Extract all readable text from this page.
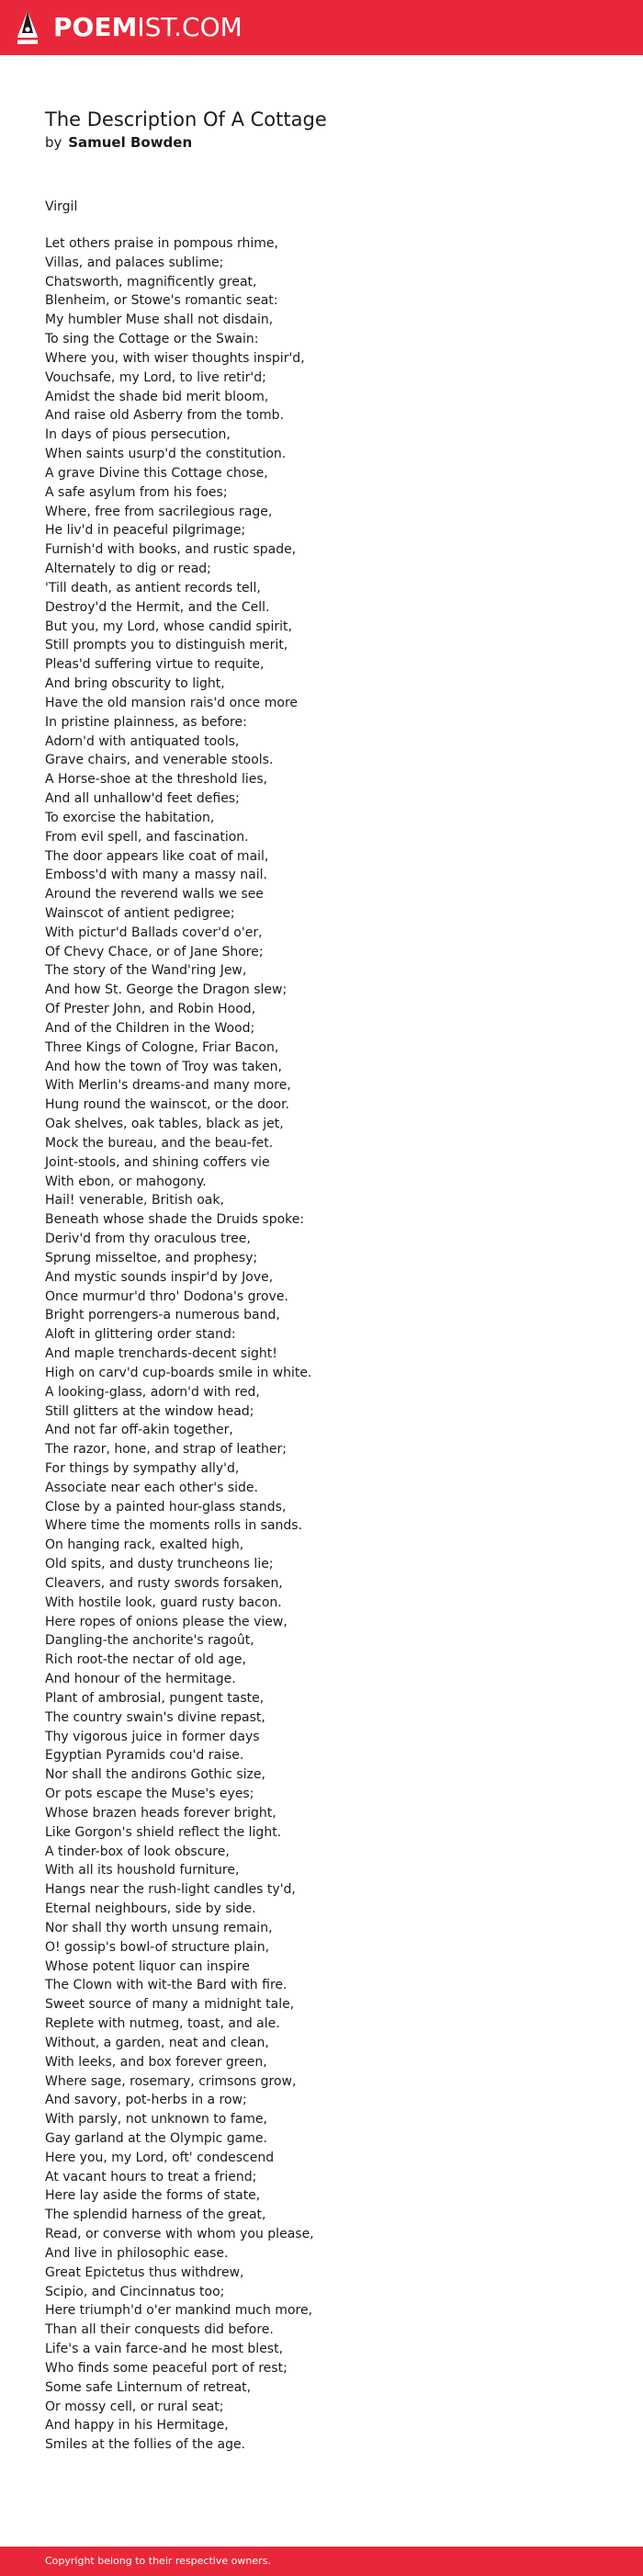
POEMIST.COM
The Description Of A Cottage
by Samuel Bowden
Virgil
Let others praise in pompous rhime,
Villas, and palaces sublime;
Chatsworth, magnificently great,
Blenheim, or Stowe's romantic seat:
My humbler Muse shall not disdain,
To sing the Cottage or the Swain:
Where you, with wiser thoughts inspir'd,
Vouchsafe, my Lord, to live retir'd;
Amidst the shade bid merit bloom,
And raise old Asberry from the tomb.
In days of pious persecution,
When saints usurp'd the constitution.
A grave Divine this Cottage chose,
A safe asylum from his foes;
Where, free from sacrilegious rage,
He liv'd in peaceful pilgrimage;
Furnish'd with books, and rustic spade,
Alternately to dig or read;
'Till death, as antient records tell,
Destroy'd the Hermit, and the Cell.
But you, my Lord, whose candid spirit,
Still prompts you to distinguish merit,
Pleas'd suffering virtue to requite,
And bring obscurity to light,
Have the old mansion rais'd once more
In pristine plainness, as before:
Adorn'd with antiquated tools,
Grave chairs, and venerable stools.
A Horse-shoe at the threshold lies,
And all unhallow'd feet defies;
To exorcise the habitation,
From evil spell, and fascination.
The door appears like coat of mail,
Emboss'd with many a massy nail.
Around the reverend walls we see
Wainscot of antient pedigree;
With pictur'd Ballads cover'd o'er,
Of Chevy Chace, or of Jane Shore;
The story of the Wand'ring Jew,
And how St. George the Dragon slew;
Of Prester John, and Robin Hood,
And of the Children in the Wood;
Three Kings of Cologne, Friar Bacon,
And how the town of Troy was taken,
With Merlin's dreams-and many more,
Hung round the wainscot, or the door.
Oak shelves, oak tables, black as jet,
Mock the bureau, and the beau-fet.
Joint-stools, and shining coffers vie
With ebon, or mahogony.
Hail! venerable, British oak,
Beneath whose shade the Druids spoke:
Deriv'd from thy oraculous tree,
Sprung misseltoe, and prophesy;
And mystic sounds inspir'd by Jove,
Once murmur'd thro' Dodona's grove.
Bright porrengers-a numerous band,
Aloft in glittering order stand:
And maple trenchards-decent sight!
High on carv'd cup-boards smile in white.
A looking-glass, adorn'd with red,
Still glitters at the window head;
And not far off-akin together,
The razor, hone, and strap of leather;
For things by sympathy ally'd,
Associate near each other's side.
Close by a painted hour-glass stands,
Where time the moments rolls in sands.
On hanging rack, exalted high,
Old spits, and dusty truncheons lie;
Cleavers, and rusty swords forsaken,
With hostile look, guard rusty bacon.
Here ropes of onions please the view,
Dangling-the anchorite's ragoût,
Rich root-the nectar of old age,
And honour of the hermitage.
Plant of ambrosial, pungent taste,
The country swain's divine repast,
Thy vigorous juice in former days
Egyptian Pyramids cou'd raise.
Nor shall the andirons Gothic size,
Or pots escape the Muse's eyes;
Whose brazen heads forever bright,
Like Gorgon's shield reflect the light.
A tinder-box of look obscure,
With all its houshold furniture,
Hangs near the rush-light candles ty'd,
Eternal neighbours, side by side.
Nor shall thy worth unsung remain,
O! gossip's bowl-of structure plain,
Whose potent liquor can inspire
The Clown with wit-the Bard with fire.
Sweet source of many a midnight tale,
Replete with nutmeg, toast, and ale.
Without, a garden, neat and clean,
With leeks, and box forever green,
Where sage, rosemary, crimsons grow,
And savory, pot-herbs in a row;
With parsly, not unknown to fame,
Gay garland at the Olympic game.
Here you, my Lord, oft' condescend
At vacant hours to treat a friend;
Here lay aside the forms of state,
The splendid harness of the great,
Read, or converse with whom you please,
And live in philosophic ease.
Great Epictetus thus withdrew,
Scipio, and Cincinnatus too;
Here triumph'd o'er mankind much more,
Than all their conquests did before.
Life's a vain farce-and he most blest,
Who finds some peaceful port of rest;
Some safe Linternum of retreat,
Or mossy cell, or rural seat;
And happy in his Hermitage,
Smiles at the follies of the age.
Copyright belong to their respective owners.
